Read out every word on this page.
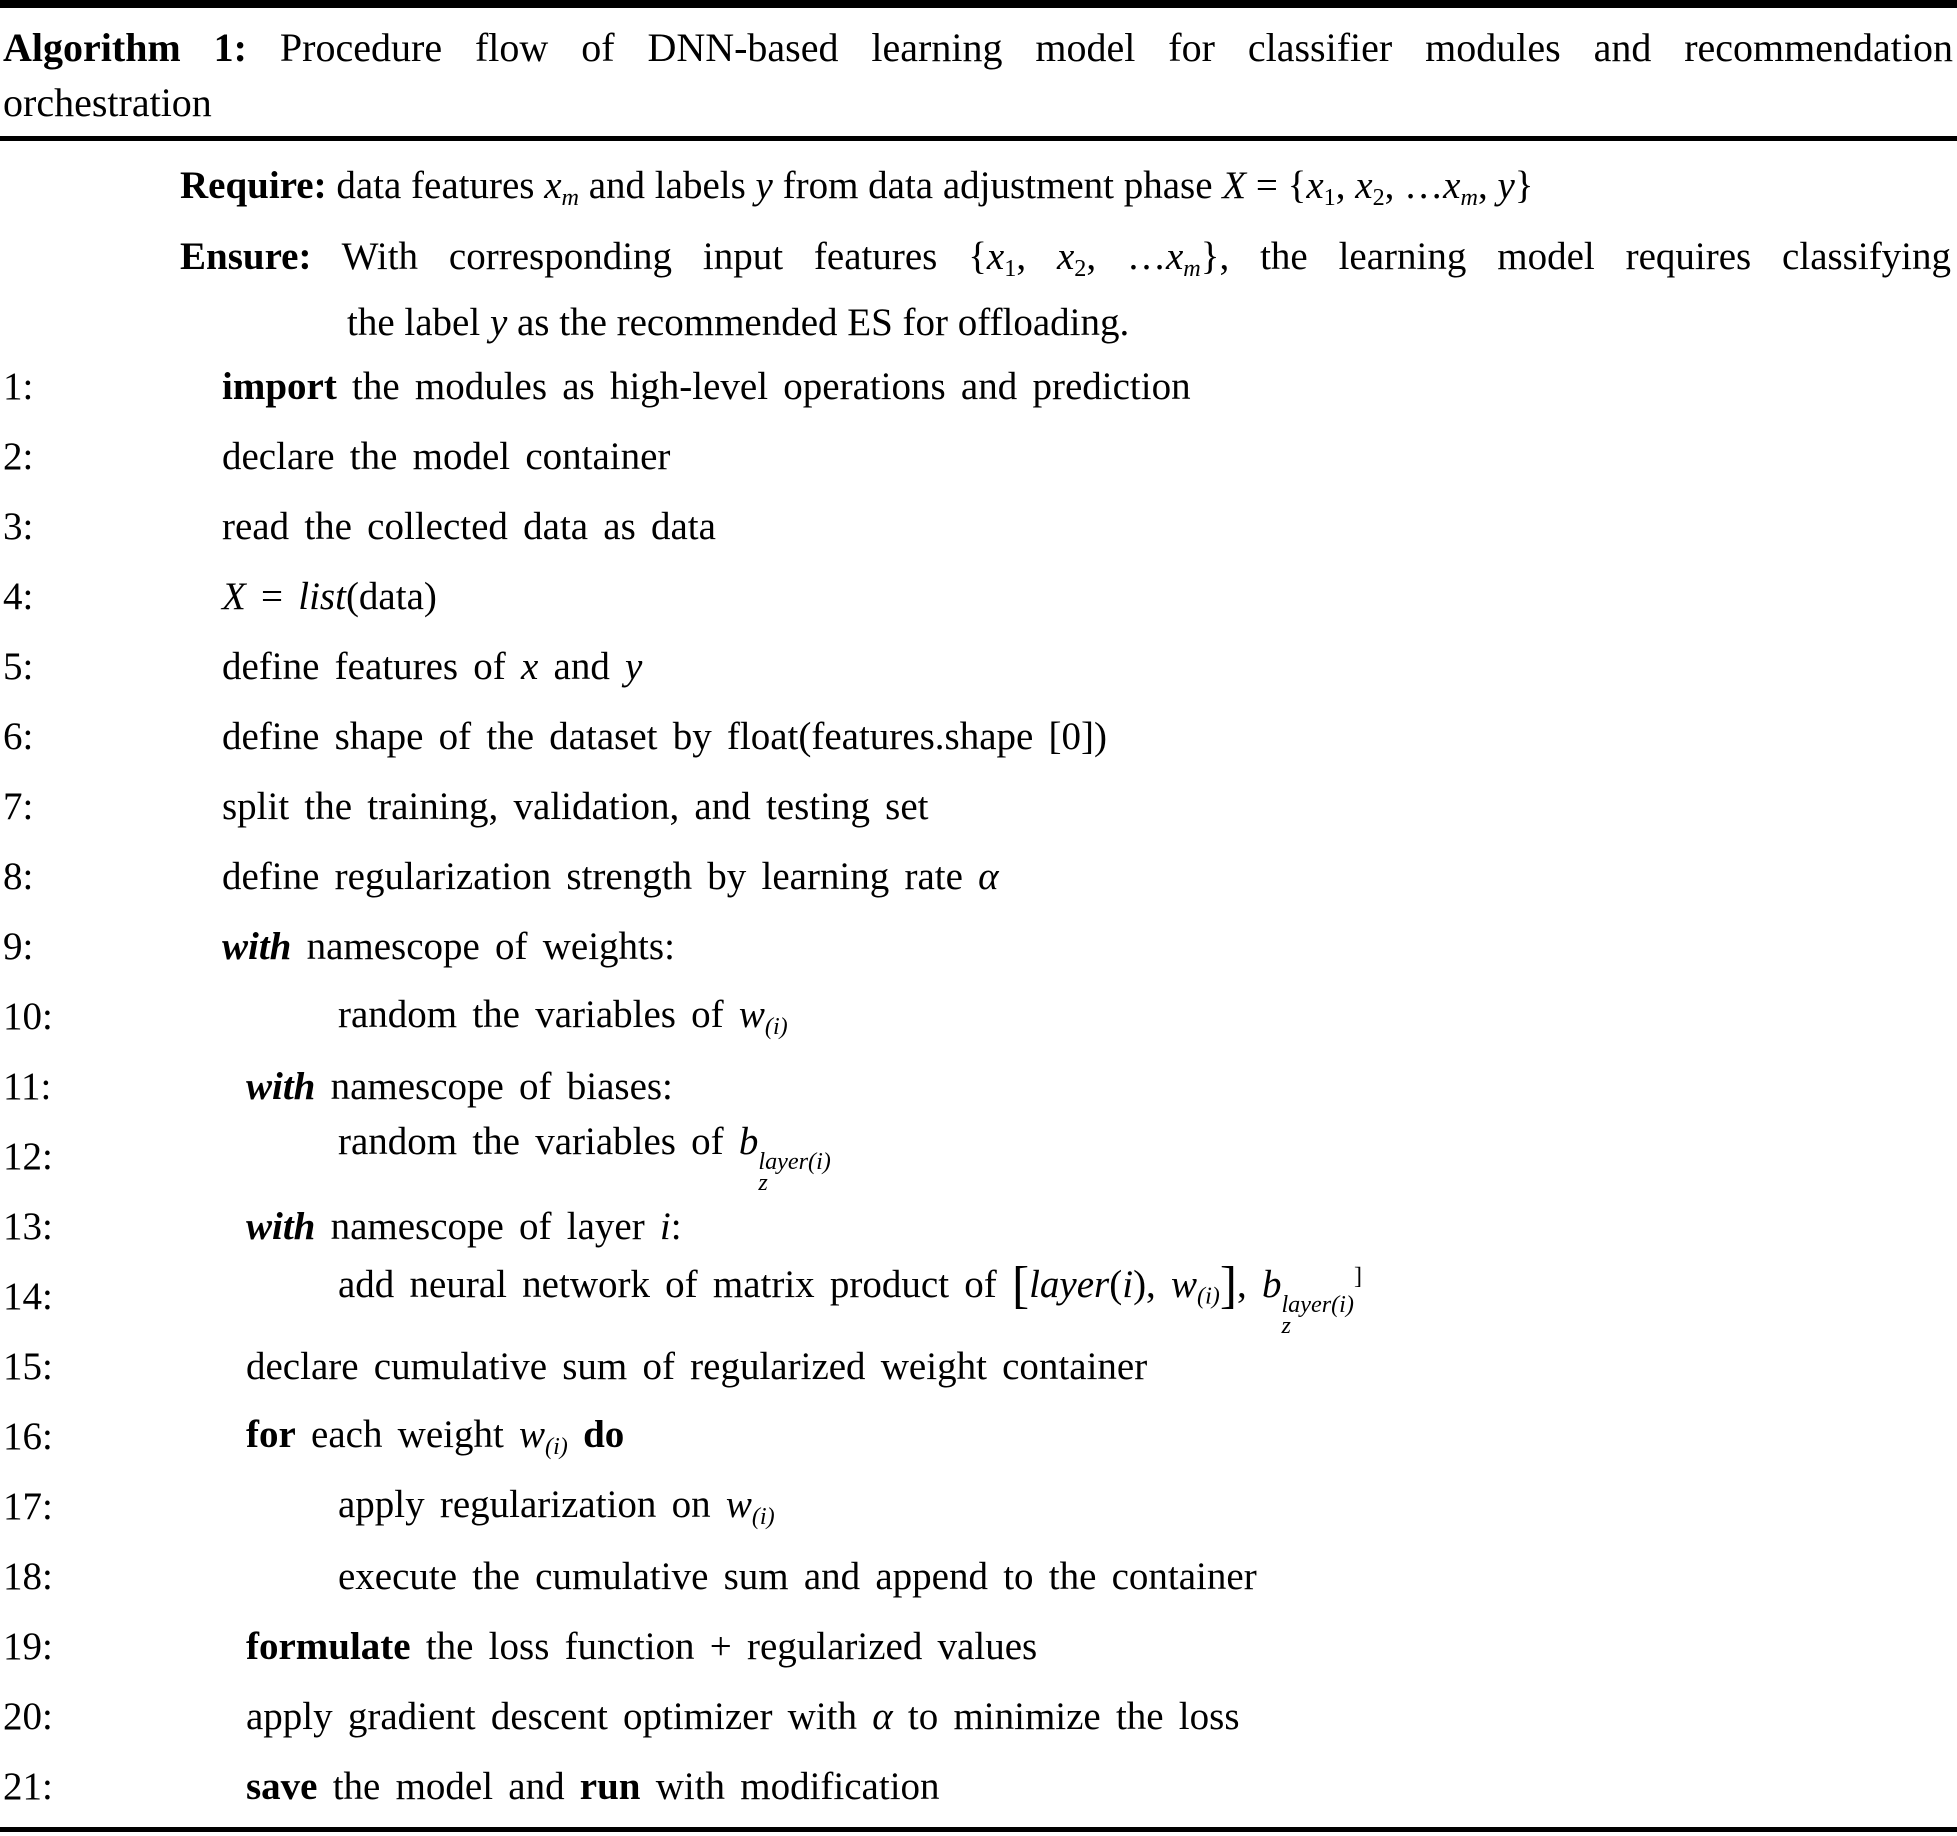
Algorithm 1: Procedure flow of DNN-based learning model for classifier modules and recommendation
orchestration
Require: data features xm and labels y from data adjustment phase X = {x1, x2, …xm, y}
Ensure: With corresponding input features {x1, x2, …xm}, the learning model requires classifying
the label y as the recommended ES for offloading.
1:	import the modules as high-level operations and prediction
2:	declare the model container
3:	read the collected data as data
4:	X = list(data)
5:	define features of x and y
6:	define shape of the dataset by float(features.shape [0])
7:	split the training, validation, and testing set
8:	define regularization strength by learning rate α
9:	with namescope of weights:
10:	random the variables of w(i)
11:	with namescope of biases:
12:	random the variables of b layer(i)
z
13:	with namescope of layer i:
14:	add neural network of matrix product of [layer(i), w(i)], b layer(i)
z
]
15:	declare cumulative sum of regularized weight container
16:	for each weight w(i) do
17:	apply regularization on w(i)
18:	execute the cumulative sum and append to the container
19:	formulate the loss function + regularized values
20:	apply gradient descent optimizer with α to minimize the loss
21:	save the model and run with modification
